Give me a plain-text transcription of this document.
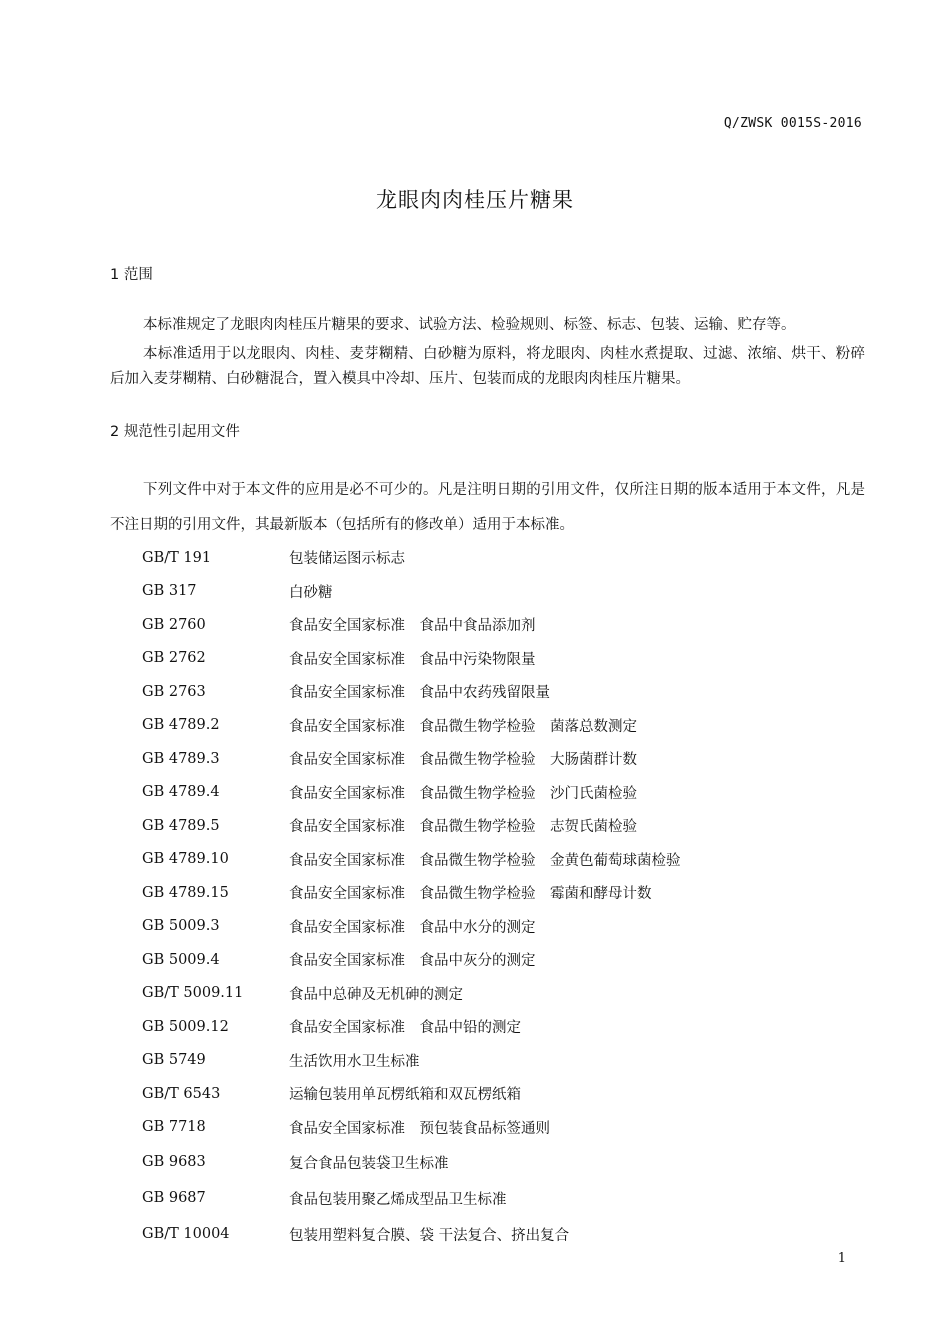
Q/ZWSK 0015S-2016
龙眼肉肉桂压片糖果
1 范围
本标准规定了龙眼肉肉桂压片糖果的要求、试验方法、检验规则、标签、标志、包装、运输、贮存等。
本标准适用于以龙眼肉、肉桂、麦芽糊精、白砂糖为原料，将龙眼肉、肉桂水煮提取、过滤、浓缩、烘干、粉碎后加入麦芽糊精、白砂糖混合，置入模具中冷却、压片、包装而成的龙眼肉肉桂压片糖果。
2 规范性引起用文件
下列文件中对于本文件的应用是必不可少的。凡是注明日期的引用文件，仅所注日期的版本适用于本文件，凡是不注日期的引用文件，其最新版本（包括所有的修改单）适用于本标准。
GB/T 191	包装储运图示标志
GB 317	白砂糖
GB 2760	食品安全国家标准　食品中食品添加剂
GB 2762	食品安全国家标准　食品中污染物限量
GB 2763	食品安全国家标准　食品中农药残留限量
GB 4789.2	食品安全国家标准　食品微生物学检验　菌落总数测定
GB 4789.3	食品安全国家标准　食品微生物学检验　大肠菌群计数
GB 4789.4	食品安全国家标准　食品微生物学检验　沙门氏菌检验
GB 4789.5	食品安全国家标准　食品微生物学检验　志贺氏菌检验
GB 4789.10	食品安全国家标准　食品微生物学检验　金黄色葡萄球菌检验
GB 4789.15	食品安全国家标准　食品微生物学检验　霉菌和酵母计数
GB 5009.3	食品安全国家标准　食品中水分的测定
GB 5009.4	食品安全国家标准　食品中灰分的测定
GB/T 5009.11	食品中总砷及无机砷的测定
GB 5009.12	食品安全国家标准　食品中铅的测定
GB 5749	生活饮用水卫生标准
GB/T 6543	运输包装用单瓦楞纸箱和双瓦楞纸箱
GB 7718	食品安全国家标准　预包装食品标签通则
GB 9683	复合食品包装袋卫生标准
GB 9687	食品包装用聚乙烯成型品卫生标准
GB/T 10004	包装用塑料复合膜、袋 干法复合、挤出复合
1
